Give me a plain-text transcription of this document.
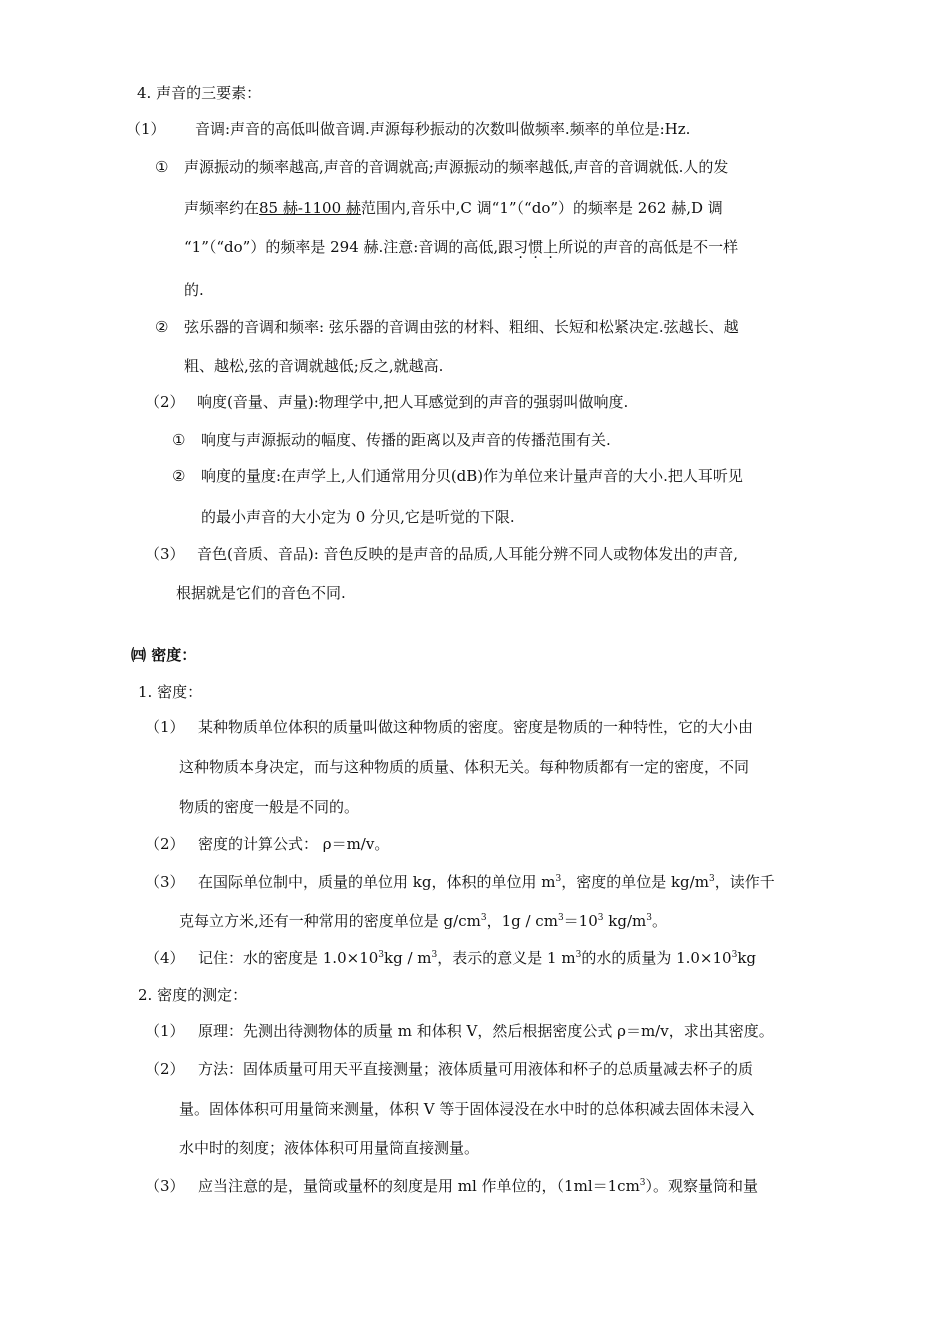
4. 声音的三要素：
（1） 音调:声音的高低叫做音调.声源每秒振动的次数叫做频率.频率的单位是:Hz.
① 声源振动的频率越高,声音的音调就高;声源振动的频率越低,声音的音调就低.人的发
声频率约在85 赫-1100 赫范围内,音乐中,C 调“1”（“do”）的频率是 262 赫,D 调
“1”（“do”）的频率是 294 赫.注意:音调的高低,跟习惯上所说的声音的高低是不一样
的.
② 弦乐器的音调和频率: 弦乐器的音调由弦的材料、粗细、长短和松紧决定.弦越长、越
粗、越松,弦的音调就越低;反之,就越高.
（2） 响度(音量、声量):物理学中,把人耳感觉到的声音的强弱叫做响度.
① 响度与声源振动的幅度、传播的距离以及声音的传播范围有关.
② 响度的量度:在声学上,人们通常用分贝(dB)作为单位来计量声音的大小.把人耳听见
的最小声音的大小定为 0 分贝,它是听觉的下限.
（3） 音色(音质、音品): 音色反映的是声音的品质,人耳能分辨不同人或物体发出的声音,
根据就是它们的音色不同.
㈣ 密度：
1. 密度：
（1） 某种物质单位体积的质量叫做这种物质的密度。密度是物质的一种特性，它的大小由
这种物质本身决定，而与这种物质的质量、体积无关。每种物质都有一定的密度，不同
物质的密度一般是不同的。
（2） 密度的计算公式： ρ＝m/v。
（3） 在国际单位制中，质量的单位用 kg，体积的单位用 $m^3$，密度的单位是 $kg/m^3$，读作千
克每立方米,还有一种常用的密度单位是 $g/cm^3$，$1g / cm^3=10^3$ $kg/m^3$。
（4） 记住：水的密度是 $1.0\times 10^3kg / m^3$，表示的意义是 1 $m^3$的水的质量为 $1.0\times 10^3kg$
2. 密度的测定：
（1） 原理：先测出待测物体的质量 m 和体积 V，然后根据密度公式 ρ＝m/v，求出其密度。
（2） 方法：固体质量可用天平直接测量；液体质量可用液体和杯子的总质量减去杯子的质
量。固体体积可用量筒来测量，体积 V 等于固体浸没在水中时的总体积减去固体未浸入
水中时的刻度；液体体积可用量筒直接测量。
（3） 应当注意的是，量筒或量杯的刻度是用 ml 作单位的，$(1ml=1cm^3)$。观察量筒和量
